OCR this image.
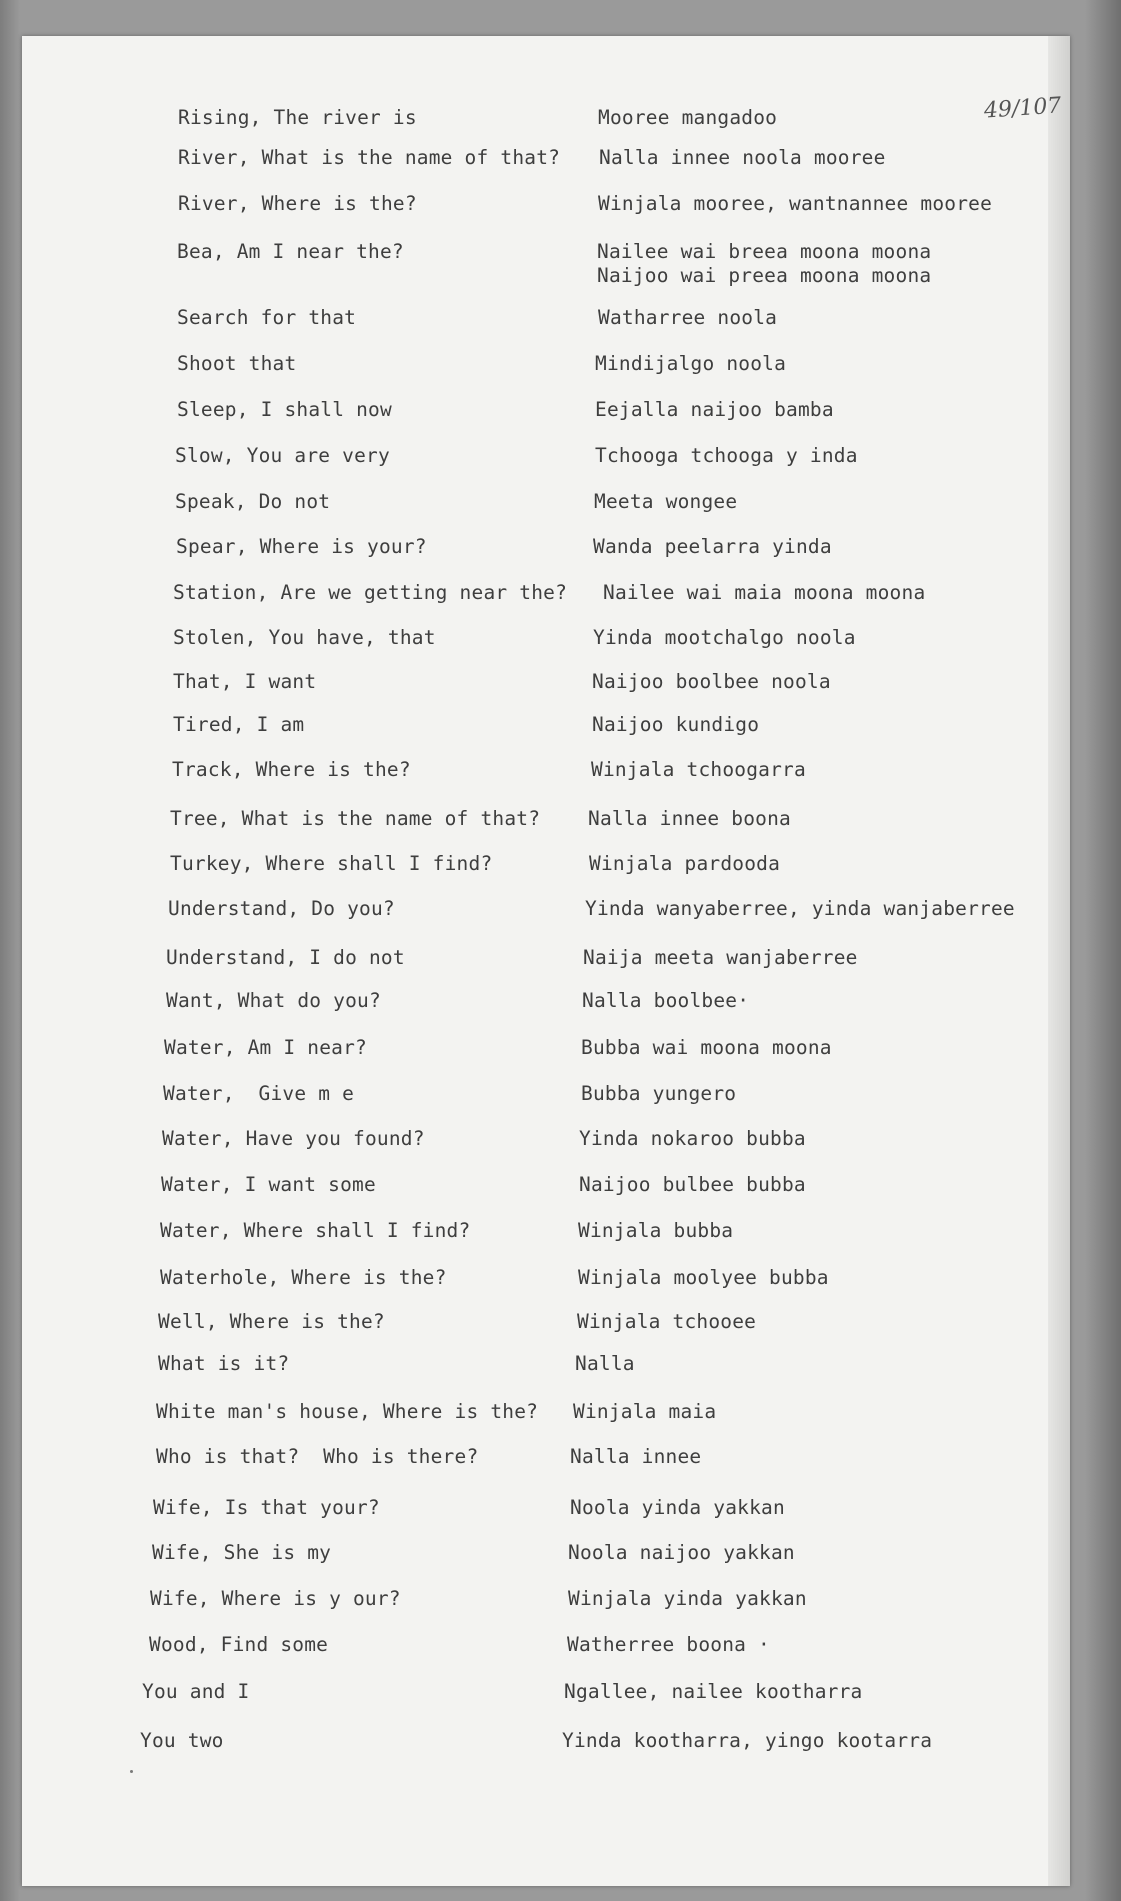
49/107
Rising, The river is	Mooree mangadoo
River, What is the name of that? Nalla innee noola mooree
River, Where is the?	Winjala mooree, wantnannee mooree
Bea, Am I near the?	Nailee wai breea moona moona
Naijoo wai preea moona moona
Search for that	Watharree noola
Shoot that	Mindijalgo noola
Sleep, I shall now	Eejalla naijoo bamba
Slow, You are very	Tchooga tchooga y inda
Speak, Do not	Meeta wongee
Spear, Where is your?	Wanda peelarra yinda
Station, Are we getting near the? Nailee wai maia moona moona
Stolen, You have, that	Yinda mootchalgo noola
That, I want	Naijoo boolbee noola
Tired, I am	Naijoo kundigo
Track, Where is the?	Winjala tchoogarra
Tree, What is the name of that? Nalla innee boona
Turkey, Where shall I find?	Winjala pardooda
Understand, Do you?	Yinda wanyaberree, yinda wanjaberree
Understand, I do not	Naija meeta wanjaberree
Want, What do you?	Nalla boolbee·
Water, Am I near?	Bubba wai moona moona
Water,  Give m e	Bubba yungero
Water, Have you found?	Yinda nokaroo bubba
Water, I want some	Naijoo bulbee bubba
Water, Where shall I find?	Winjala bubba
Waterhole, Where is the?	Winjala moolyee bubba
Well, Where is the?	Winjala tchooee
What is it?	Nalla
White man's house, Where is the? Winjala maia
Who is that?  Who is there?	Nalla innee
Wife, Is that your?	Noola yinda yakkan
Wife, She is my	Noola naijoo yakkan
Wife, Where is y our?	Winjala yinda yakkan
Wood, Find some	Watherree boona ·
You and I	Ngallee, nailee kootharra
You two	Yinda kootharra, yingo kootarra
